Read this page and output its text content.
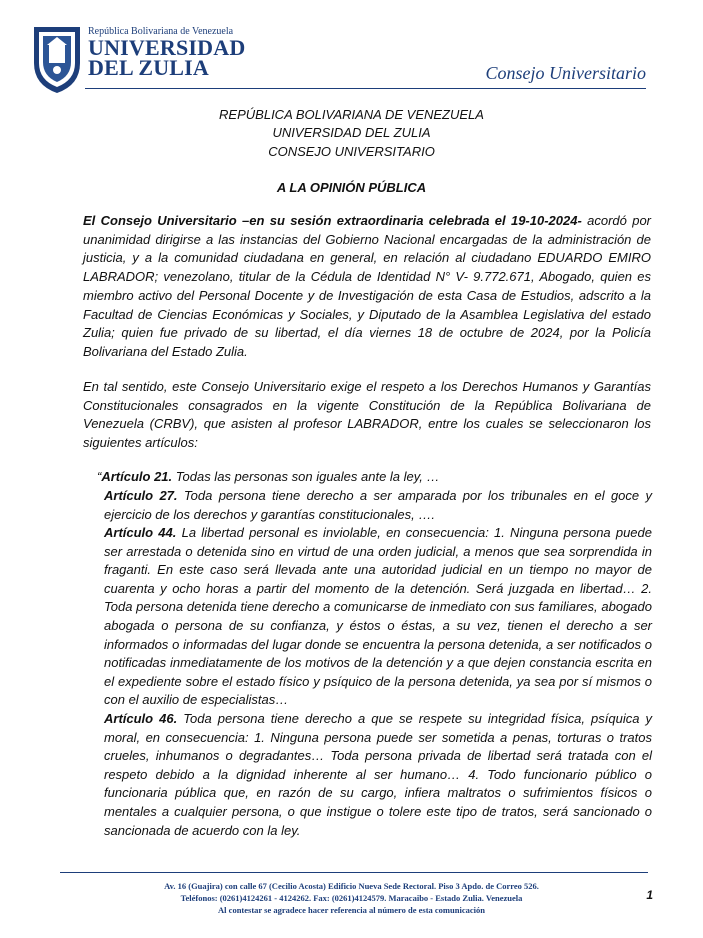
República Bolivariana de Venezuela
UNIVERSIDAD
DEL ZULIA	Consejo Universitario
REPÚBLICA BOLIVARIANA DE VENEZUELA
UNIVERSIDAD DEL ZULIA
CONSEJO UNIVERSITARIO
A LA OPINIÓN PÚBLICA
El Consejo Universitario –en su sesión extraordinaria celebrada el 19-10-2024- acordó por unanimidad dirigirse a las instancias del Gobierno Nacional encargadas de la administración de justicia, y a la comunidad ciudadana en general, en relación al ciudadano EDUARDO EMIRO LABRADOR; venezolano, titular de la Cédula de Identidad N° V- 9.772.671, Abogado, quien es miembro activo del Personal Docente y de Investigación de esta Casa de Estudios, adscrito a la Facultad de Ciencias Económicas y Sociales, y Diputado de la Asamblea Legislativa del estado Zulia; quien fue privado de su libertad, el día viernes 18 de octubre de 2024, por la Policía Bolivariana del Estado Zulia.
En tal sentido, este Consejo Universitario exige el respeto a los Derechos Humanos y Garantías Constitucionales consagrados en la vigente Constitución de la República Bolivariana de Venezuela (CRBV), que asisten al profesor LABRADOR, entre los cuales se seleccionaron los siguientes artículos:
“Artículo 21. Todas las personas son iguales ante la ley, …
Artículo 27. Toda persona tiene derecho a ser amparada por los tribunales en el goce y ejercicio de los derechos y garantías constitucionales, ….
Artículo 44. La libertad personal es inviolable, en consecuencia: 1. Ninguna persona puede ser arrestada o detenida sino en virtud de una orden judicial, a menos que sea sorprendida in fraganti. En este caso será llevada ante una autoridad judicial en un tiempo no mayor de cuarenta y ocho horas a partir del momento de la detención. Será juzgada en libertad… 2. Toda persona detenida tiene derecho a comunicarse de inmediato con sus familiares, abogado abogada o persona de su confianza, y éstos o éstas, a su vez, tienen el derecho a ser informados o informadas del lugar donde se encuentra la persona detenida, a ser notificados o notificadas inmediatamente de los motivos de la detención y a que dejen constancia escrita en el expediente sobre el estado físico y psíquico de la persona detenida, ya sea por sí mismos o con el auxilio de especialistas…
Artículo 46. Toda persona tiene derecho a que se respete su integridad física, psíquica y moral, en consecuencia: 1. Ninguna persona puede ser sometida a penas, torturas o tratos crueles, inhumanos o degradantes… Toda persona privada de libertad será tratada con el respeto debido a la dignidad inherente al ser humano… 4. Todo funcionario público o funcionaria pública que, en razón de su cargo, infiera maltratos o sufrimientos físicos o mentales a cualquier persona, o que instigue o tolere este tipo de tratos, será sancionado o sancionada de acuerdo con la ley.
Av. 16 (Guajira) con calle 67 (Cecilio Acosta) Edificio Nueva Sede Rectoral. Piso 3 Apdo. de Correo 526.
Teléfonos: (0261)4124261 - 4124262. Fax: (0261)4124579. Maracaibo - Estado Zulia. Venezuela
Al contestar se agradece hacer referencia al número de esta comunicación
1
